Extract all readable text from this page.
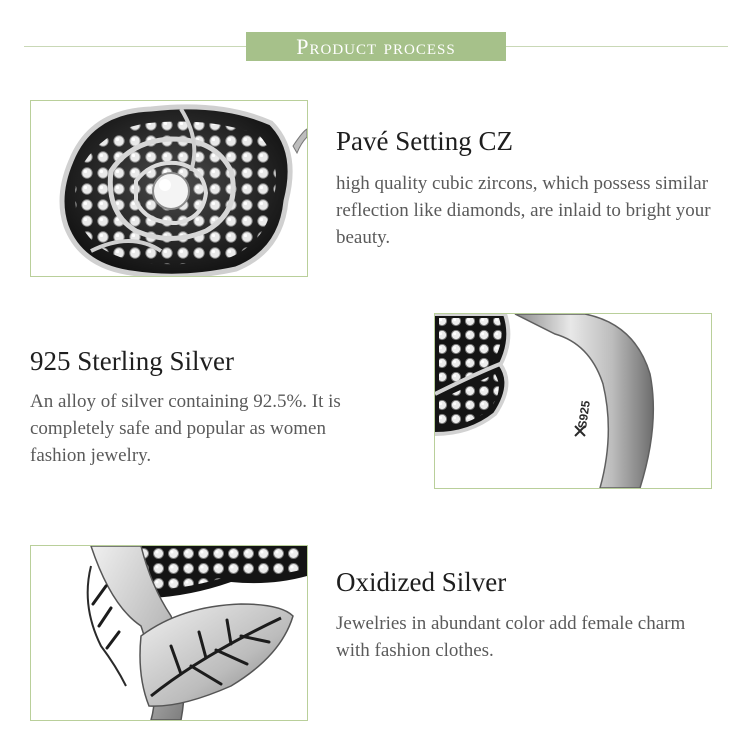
Product process
Pavé Setting CZ
high quality cubic zircons, which possess similar reflection like diamonds, are inlaid to bright your beauty.
925 Sterling Silver
An alloy of silver containing 92.5%. It is completely safe and popular as women fashion jewelry.
S925
Oxidized Silver
Jewelries in abundant color add female charm with fashion clothes.
